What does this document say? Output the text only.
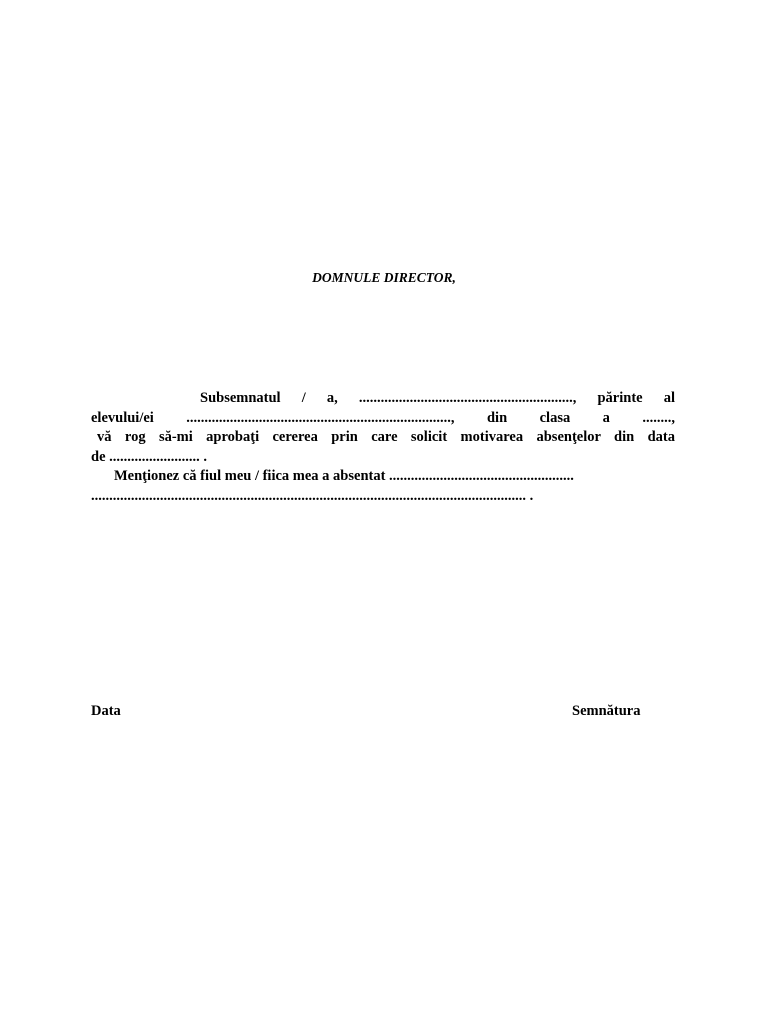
DOMNULE DIRECTOR,

Subsemnatul / a, ..........................................................., părinte al
elevului/ei ........................................................................., din clasa a ........,
vă rog să-mi aprobaţi cererea prin care solicit motivarea absenţelor din data
de ......................... .
Menţionez că fiul meu / fiica mea a absentat ...................................................
........................................................................................................................ .

Data	Semnătura
